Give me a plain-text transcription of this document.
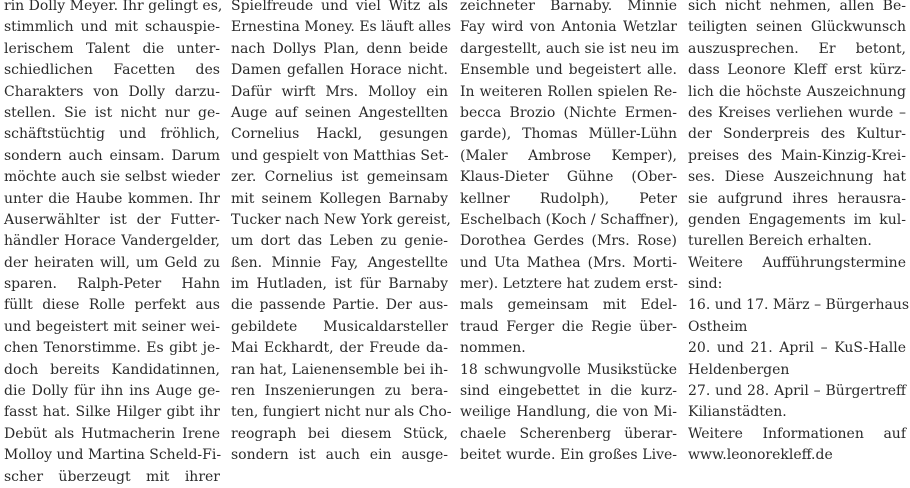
rin Dolly Meyer. Ihr gelingt es,
stimmlich und mit schauspie-
lerischem Talent die unter-
schiedlichen Facetten des
Charakters von Dolly darzu-
stellen. Sie ist nicht nur ge-
schäftstüchtig und fröhlich,
sondern auch einsam. Darum
möchte auch sie selbst wieder
unter die Haube kommen. Ihr
Auserwählter ist der Futter-
händler Horace Vandergelder,
der heiraten will, um Geld zu
sparen. Ralph-Peter Hahn
füllt diese Rolle perfekt aus
und begeistert mit seiner wei-
chen Tenorstimme. Es gibt je-
doch bereits Kandidatinnen,
die Dolly für ihn ins Auge ge-
fasst hat. Silke Hilger gibt ihr
Debüt als Hutmacherin Irene
Molloy und Martina Scheld-Fi-
scher überzeugt mit ihrer
Spielfreude und viel Witz als
Ernestina Money. Es läuft alles
nach Dollys Plan, denn beide
Damen gefallen Horace nicht.
Dafür wirft Mrs. Molloy ein
Auge auf seinen Angestellten
Cornelius Hackl, gesungen
und gespielt von Matthias Set-
zer. Cornelius ist gemeinsam
mit seinem Kollegen Barnaby
Tucker nach New York gereist,
um dort das Leben zu genie-
ßen. Minnie Fay, Angestellte
im Hutladen, ist für Barnaby
die passende Partie. Der aus-
gebildete Musicaldarsteller
Mai Eckhardt, der Freude da-
ran hat, Laienensemble bei ih-
ren Inszenierungen zu bera-
ten, fungiert nicht nur als Cho-
reograph bei diesem Stück,
sondern ist auch ein ausge-
zeichneter Barnaby. Minnie
Fay wird von Antonia Wetzlar
dargestellt, auch sie ist neu im
Ensemble und begeistert alle.
In weiteren Rollen spielen Re-
becca Brozio (Nichte Ermen-
garde), Thomas Müller-Lühn
(Maler Ambrose Kemper),
Klaus-Dieter Gühne (Ober-
kellner Rudolph), Peter
Eschelbach (Koch / Schaffner),
Dorothea Gerdes (Mrs. Rose)
und Uta Mathea (Mrs. Morti-
mer). Letztere hat zudem erst-
mals gemeinsam mit Edel-
traud Ferger die Regie über-
nommen.
18 schwungvolle Musikstücke
sind eingebettet in die kurz-
weilige Handlung, die von Mi-
chaele Scherenberg überar-
beitet wurde. Ein großes Live-
sich nicht nehmen, allen Be-
teiligten seinen Glückwunsch
auszusprechen. Er betont,
dass Leonore Kleff erst kürz-
lich die höchste Auszeichnung
des Kreises verliehen wurde –
der Sonderpreis des Kultur-
preises des Main-Kinzig-Krei-
ses. Diese Auszeichnung hat
sie aufgrund ihres herausra-
genden Engagements im kul-
turellen Bereich erhalten.
Weitere Aufführungstermine
sind:
16. und 17. März – Bürgerhaus
Ostheim
20. und 21. April – KuS-Halle
Heldenbergen
27. und 28. April – Bürgertreff
Kilianstädten.
Weitere Informationen auf
www.leonorekleff.de
